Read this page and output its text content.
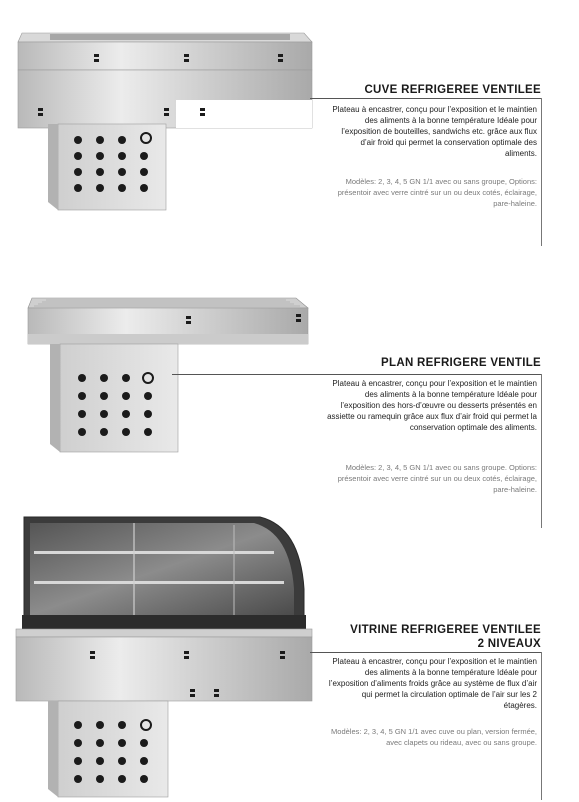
CUVE REFRIGEREE VENTILEE

Plateau à encastrer, conçu pour l’exposition et le maintien des aliments à la bonne température Idéale pour l’exposition de bouteilles, sandwichs etc. grâce aux flux d’air froid qui permet la conservation optimale des aliments.

Modèles: 2, 3, 4, 5 GN 1/1 avec ou sans groupe, Options: présentoir avec verre cintré sur un ou deux cotés, éclairage, pare-haleine.

PLAN REFRIGERE VENTILE

Plateau à encastrer, conçu pour l’exposition et le maintien des aliments à la bonne température Idéale pour l’exposition des hors-d’œuvre ou desserts présentés en assiette ou ramequin grâce aux flux d’air froid qui permet la conservation optimale des aliments.

Modèles: 2, 3, 4, 5 GN 1/1 avec ou sans groupe. Options: présentoir avec verre cintré sur un ou deux cotés, éclairage, pare-haleine.

VITRINE REFRIGEREE VENTILEE
2 NIVEAUX

Plateau à encastrer, conçu pour l’exposition et le maintien des aliments à la bonne température Idéale pour l’exposition d’aliments froids grâce au système de flux d’air qui permet la circulation optimale de l’air sur les 2 étagères.

Modèles: 2, 3, 4, 5 GN 1/1 avec cuve ou plan, version fermée, avec clapets ou rideau, avec ou sans groupe.
